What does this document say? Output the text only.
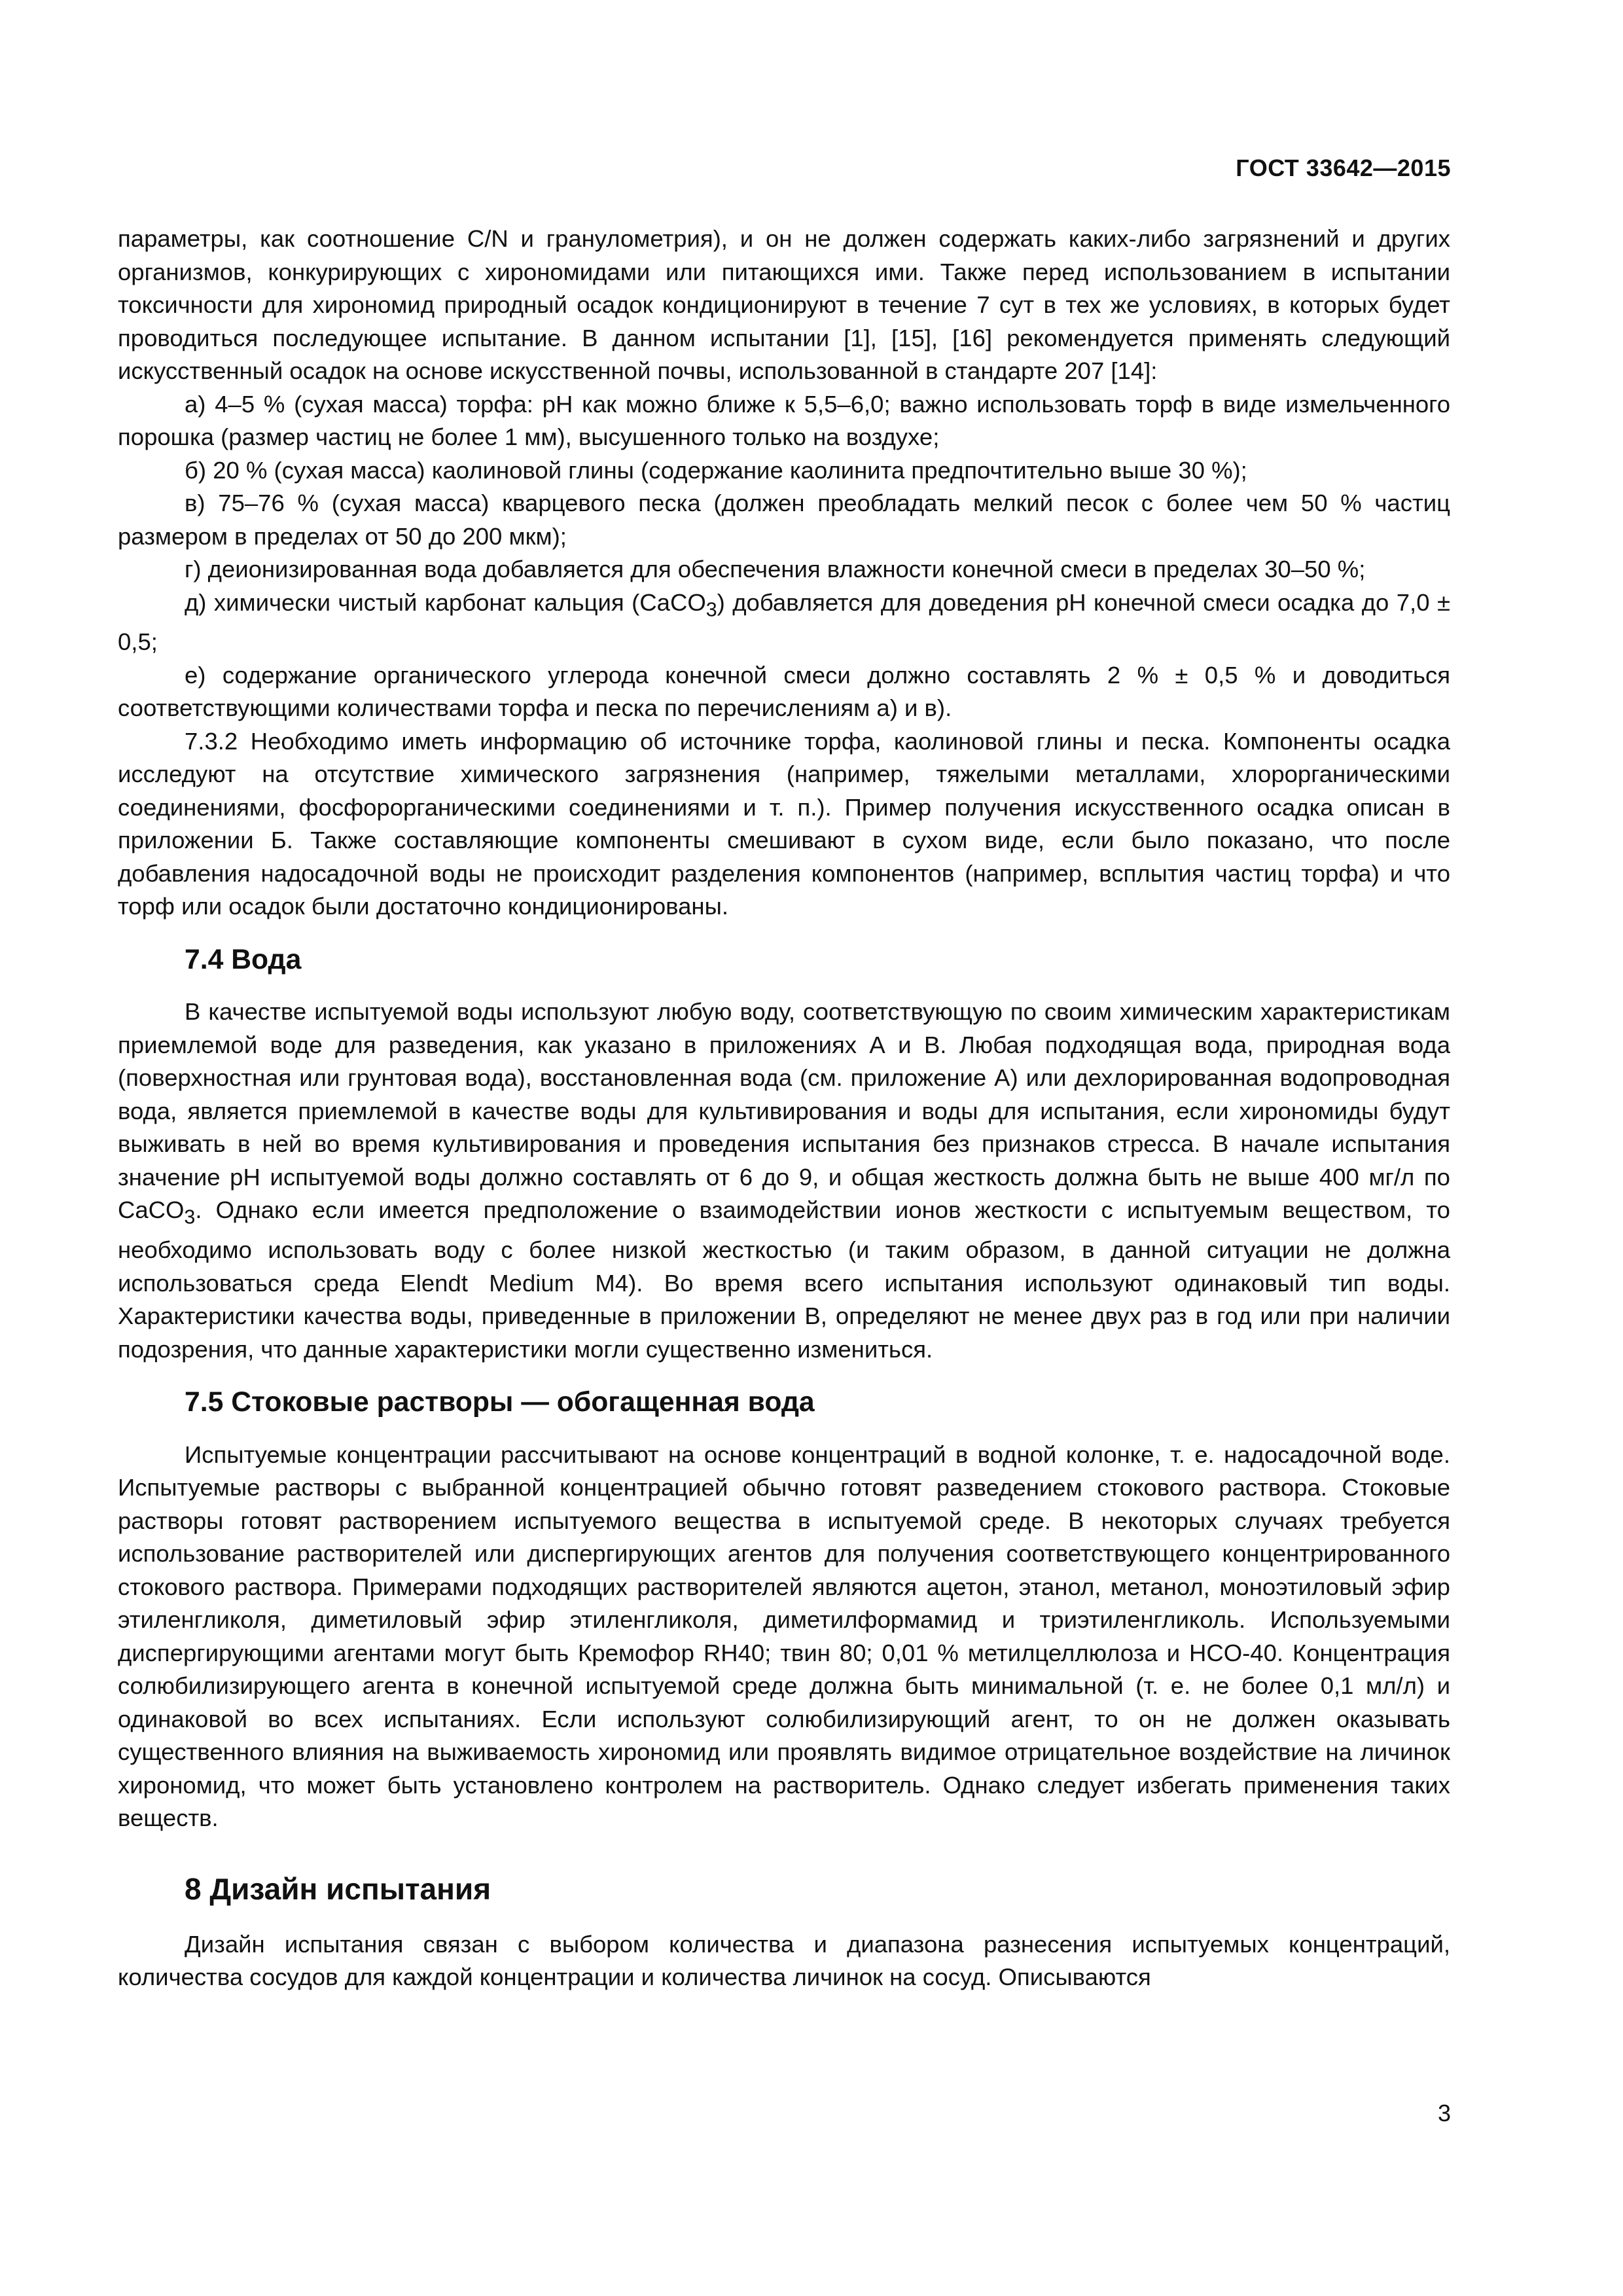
ГОСТ 33642—2015

параметры, как соотношение C/N и гранулометрия), и он не должен содержать каких-либо загрязнений и других организмов, конкурирующих с хирономидами или питающихся ими. Также перед использованием в испытании токсичности для хирономид природный осадок кондиционируют в течение 7 сут в тех же условиях, в которых будет проводиться последующее испытание. В данном испытании [1], [15], [16] рекомендуется применять следующий искусственный осадок на основе искусственной почвы, использованной в стандарте 207 [14]:

а) 4–5 % (сухая масса) торфа: pH как можно ближе к 5,5–6,0; важно использовать торф в виде измельченного порошка (размер частиц не более 1 мм), высушенного только на воздухе;

б) 20 % (сухая масса) каолиновой глины (содержание каолинита предпочтительно выше 30 %);

в) 75–76 % (сухая масса) кварцевого песка (должен преобладать мелкий песок с более чем 50 % частиц размером в пределах от 50 до 200 мкм);

г) деионизированная вода добавляется для обеспечения влажности конечной смеси в пределах 30–50 %;

д) химически чистый карбонат кальция (CaCO$_3$) добавляется для доведения pH конечной смеси осадка до 7,0 ± 0,5;

е) содержание органического углерода конечной смеси должно составлять 2 % ± 0,5 % и доводиться соответствующими количествами торфа и песка по перечислениям а) и в).

7.3.2 Необходимо иметь информацию об источнике торфа, каолиновой глины и песка. Компоненты осадка исследуют на отсутствие химического загрязнения (например, тяжелыми металлами, хлорорганическими соединениями, фосфорорганическими соединениями и т. п.). Пример получения искусственного осадка описан в приложении Б. Также составляющие компоненты смешивают в сухом виде, если было показано, что после добавления надосадочной воды не происходит разделения компонентов (например, всплытия частиц торфа) и что торф или осадок были достаточно кондиционированы.

7.4 Вода

В качестве испытуемой воды используют любую воду, соответствующую по своим химическим характеристикам приемлемой воде для разведения, как указано в приложениях А и В. Любая подходящая вода, природная вода (поверхностная или грунтовая вода), восстановленная вода (см. приложение А) или дехлорированная водопроводная вода, является приемлемой в качестве воды для культивирования и воды для испытания, если хирономиды будут выживать в ней во время культивирования и проведения испытания без признаков стресса. В начале испытания значение pH испытуемой воды должно составлять от 6 до 9, и общая жесткость должна быть не выше 400 мг/л по CaCO$_3$. Однако если имеется предположение о взаимодействии ионов жесткости с испытуемым веществом, то необходимо использовать воду с более низкой жесткостью (и таким образом, в данной ситуации не должна использоваться среда Elendt Medium M4). Во время всего испытания используют одинаковый тип воды. Характеристики качества воды, приведенные в приложении В, определяют не менее двух раз в год или при наличии подозрения, что данные характеристики могли существенно измениться.

7.5 Стоковые растворы — обогащенная вода

Испытуемые концентрации рассчитывают на основе концентраций в водной колонке, т. е. надосадочной воде. Испытуемые растворы с выбранной концентрацией обычно готовят разведением стокового раствора. Стоковые растворы готовят растворением испытуемого вещества в испытуемой среде. В некоторых случаях требуется использование растворителей или диспергирующих агентов для получения соответствующего концентрированного стокового раствора. Примерами подходящих растворителей являются ацетон, этанол, метанол, моноэтиловый эфир этиленгликоля, диметиловый эфир этиленгликоля, диметилформамид и триэтиленгликоль. Используемыми диспергирующими агентами могут быть Кремофор RH40; твин 80; 0,01 % метилцеллюлоза и HCO-40. Концентрация солюбилизирующего агента в конечной испытуемой среде должна быть минимальной (т. е. не более 0,1 мл/л) и одинаковой во всех испытаниях. Если используют солюбилизирующий агент, то он не должен оказывать существенного влияния на выживаемость хирономид или проявлять видимое отрицательное воздействие на личинок хирономид, что может быть установлено контролем на растворитель. Однако следует избегать применения таких веществ.

8 Дизайн испытания

Дизайн испытания связан с выбором количества и диапазона разнесения испытуемых концентраций, количества сосудов для каждой концентрации и количества личинок на сосуд. Описываются

3
